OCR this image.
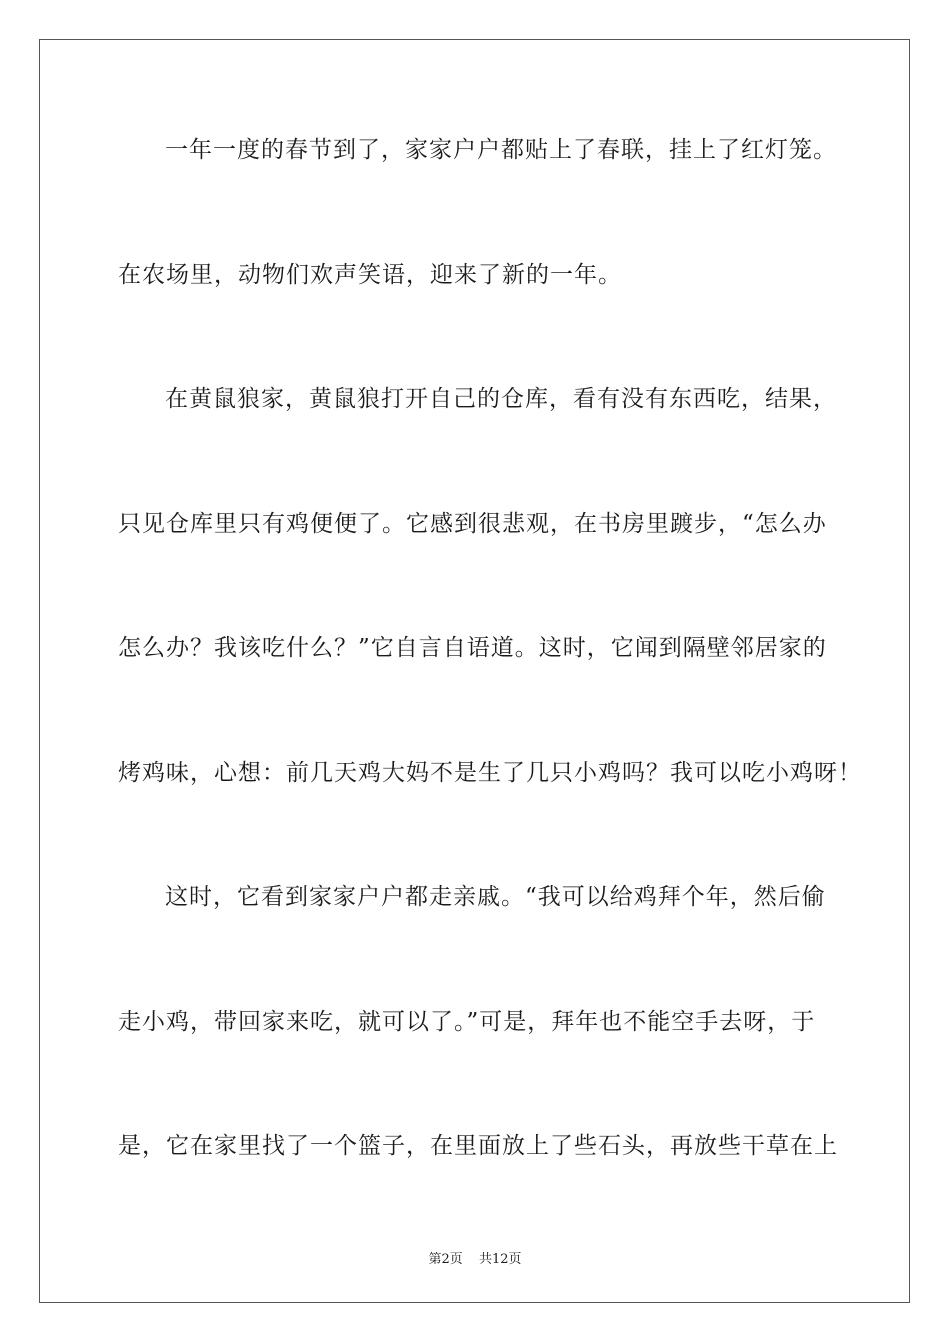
一年一度的春节到了，家家户户都贴上了春联，挂上了红灯笼。
在农场里，动物们欢声笑语，迎来了新的一年。
在黄鼠狼家，黄鼠狼打开自己的仓库，看有没有东西吃，结果，
只见仓库里只有鸡便便了。它感到很悲观，在书房里踱步，“怎么办
怎么办？我该吃什么？”它自言自语道。这时，它闻到隔壁邻居家的
烤鸡味，心想：前几天鸡大妈不是生了几只小鸡吗？我可以吃小鸡呀！
这时，它看到家家户户都走亲戚。“我可以给鸡拜个年，然后偷
走小鸡，带回家来吃，就可以了。”可是，拜年也不能空手去呀，于
是，它在家里找了一个篮子，在里面放上了些石头，再放些干草在上
第2页 共12页
